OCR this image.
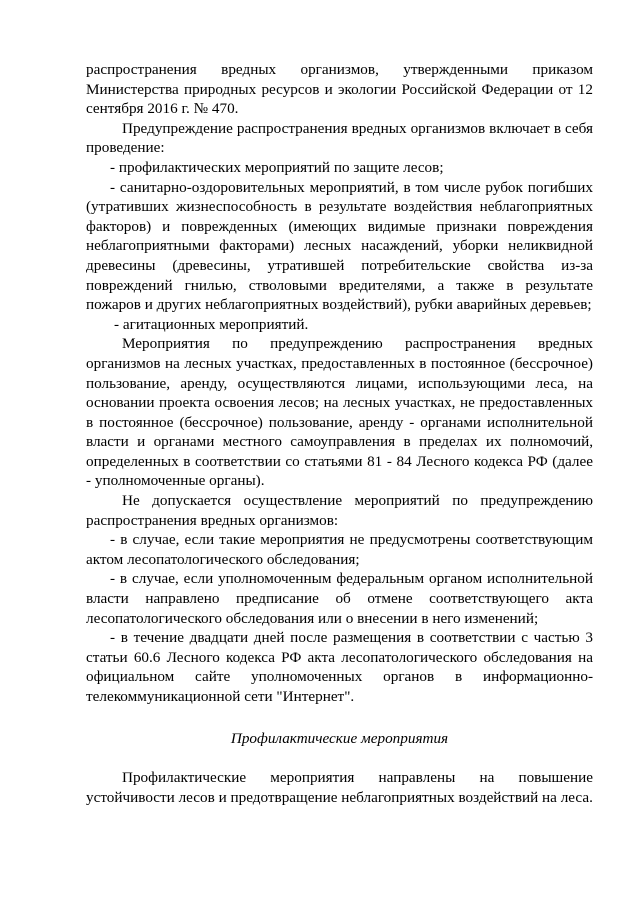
распространения вредных организмов, утвержденными приказом Министерства природных ресурсов и экологии Российской Федерации от 12 сентября 2016 г. № 470.

Предупреждение распространения вредных организмов включает в себя проведение:

- профилактических мероприятий по защите лесов;

- санитарно-оздоровительных мероприятий, в том числе рубок погибших (утративших жизнеспособность в результате воздействия неблагоприятных факторов) и поврежденных (имеющих видимые признаки повреждения неблагоприятными факторами) лесных насаждений, уборки неликвидной древесины (древесины, утратившей потребительские свойства из-за повреждений гнилью, стволовыми вредителями, а также в результате пожаров и других неблагоприятных воздействий), рубки аварийных деревьев;

- агитационных мероприятий.

Мероприятия по предупреждению распространения вредных организмов на лесных участках, предоставленных в постоянное (бессрочное) пользование, аренду, осуществляются лицами, использующими леса, на основании проекта освоения лесов; на лесных участках, не предоставленных в постоянное (бессрочное) пользование, аренду - органами исполнительной власти и органами местного самоуправления в пределах их полномочий, определенных в соответствии со статьями 81 - 84 Лесного кодекса РФ (далее - уполномоченные органы).

Не допускается осуществление мероприятий по предупреждению распространения вредных организмов:

- в случае, если такие мероприятия не предусмотрены соответствующим актом лесопатологического обследования;

- в случае, если уполномоченным федеральным органом исполнительной власти направлено предписание об отмене соответствующего акта лесопатологического обследования или о внесении в него изменений;

- в течение двадцати дней после размещения в соответствии с частью 3 статьи 60.6 Лесного кодекса РФ акта лесопатологического обследования на официальном сайте уполномоченных органов в информационно-телекоммуникационной сети "Интернет".

Профилактические мероприятия

Профилактические мероприятия направлены на повышение устойчивости лесов и предотвращение неблагоприятных воздействий на леса.
